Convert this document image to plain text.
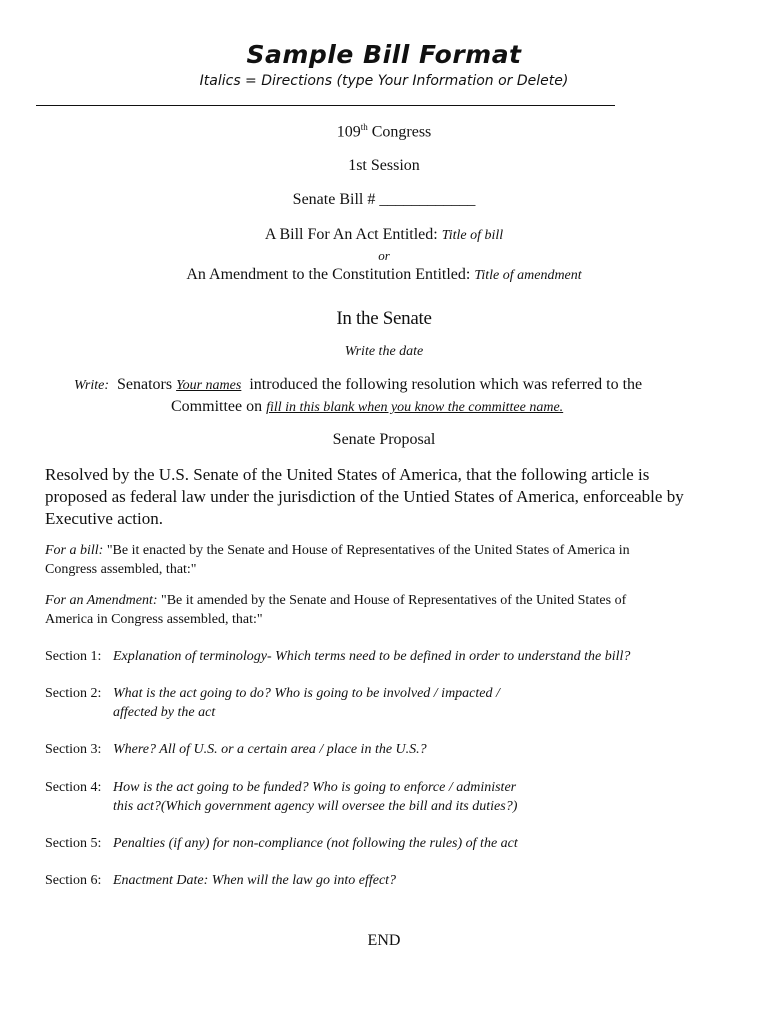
Sample Bill Format
Italics = Directions (type Your Information or Delete)
109th Congress
1st Session
Senate Bill # ____________
A Bill For An Act Entitled: Title of bill
or
An Amendment to the Constitution Entitled: Title of amendment
In the Senate
Write the date
Write: Senators Your names introduced the following resolution which was referred to the
Committee on fill in this blank when you know the committee name.
Senate Proposal
Resolved by the U.S. Senate of the United States of America, that the following article is
proposed as federal law under the jurisdiction of the Untied States of America, enforceable by
Executive action.
For a bill: "Be it enacted by the Senate and House of Representatives of the United States of America in
Congress assembled, that:"
For an Amendment: "Be it amended by the Senate and House of Representatives of the United States of
America in Congress assembled, that:"
Section 1: Explanation of terminology- Which terms need to be defined in order to understand the bill?
Section 2: What is the act going to do? Who is going to be involved / impacted /
affected by the act
Section 3: Where? All of U.S. or a certain area / place in the U.S.?
Section 4: How is the act going to be funded? Who is going to enforce / administer
this act?(Which government agency will oversee the bill and its duties?)
Section 5: Penalties (if any) for non-compliance (not following the rules) of the act
Section 6: Enactment Date: When will the law go into effect?
END
